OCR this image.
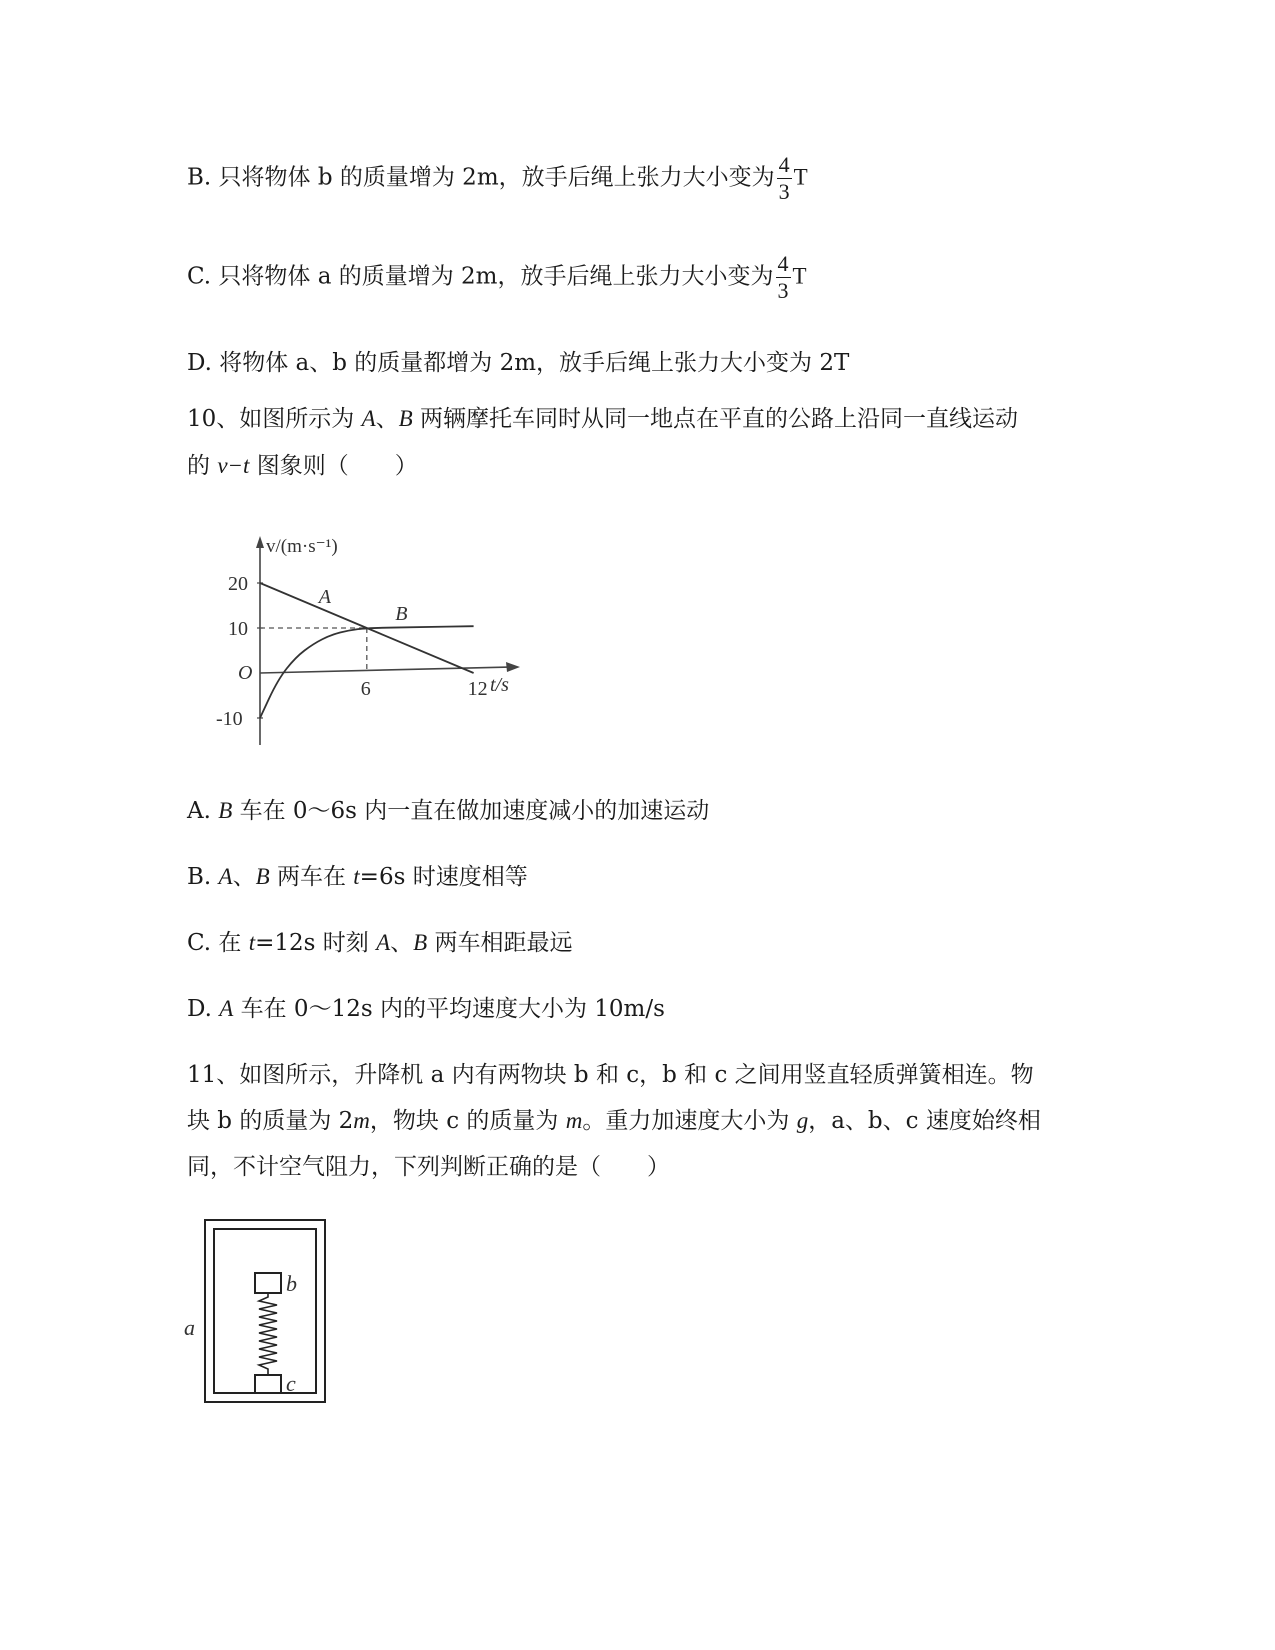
B. 只将物体 b 的质量增为 2m，放手后绳上张力大小变为 $\frac{4}{3}$ T
C. 只将物体 a 的质量增为 2m，放手后绳上张力大小变为 $\frac{4}{3}$ T
D. 将物体 a、b 的质量都增为 2m，放手后绳上张力大小变为 2T
10、如图所示为 A、B 两辆摩托车同时从同一地点在平直的公路上沿同一直线运动
的 v−t 图象则（　　）
v/(m·s⁻¹)
t/s
O
20
10
-10
6	12
A
B
A. B 车在 0～6s 内一直在做加速度减小的加速运动
B. A、B 两车在 t=6s 时速度相等
C. 在 t=12s 时刻 A、B 两车相距最远
D. A 车在 0～12s 内的平均速度大小为 10m/s
11、如图所示，升降机 a 内有两物块 b 和 c，b 和 c 之间用竖直轻质弹簧相连。物
块 b 的质量为 2m，物块 c 的质量为 m。重力加速度大小为 g，a、b、c 速度始终相
同，不计空气阻力，下列判断正确的是（　　）
a
b
c
